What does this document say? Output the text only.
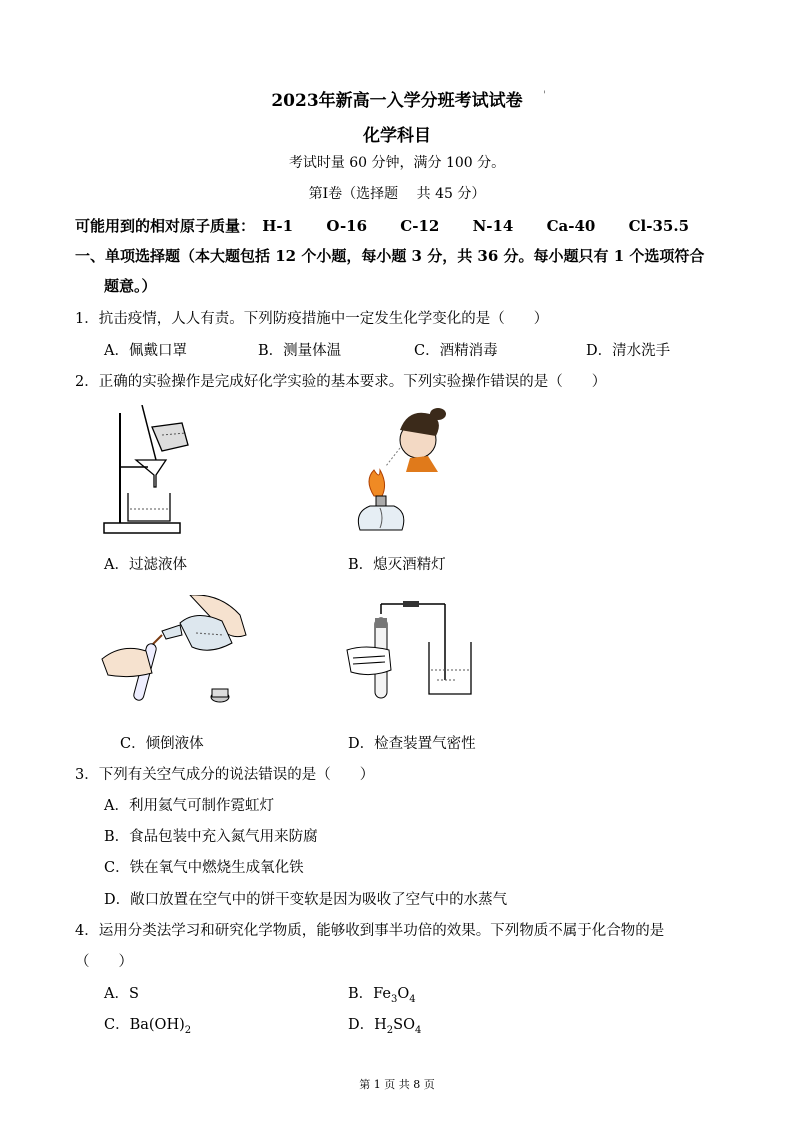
2023年新高一入学分班考试试卷	'
化学科目
考试时量 60 分钟，满分 100 分。
第Ⅰ卷（选择题　 共 45 分）
可能用到的相对原子质量： H-1 O-16 C-12 N-14 Ca-40 Cl-35.5
一、单项选择题（本大题包括 12 个小题，每小题 3 分，共 36 分。每小题只有 1 个选项符合
题意。）
1．抗击疫情，人人有责。下列防疫措施中一定发生化学变化的是（　　）
A．佩戴口罩	B．测量体温	C．酒精消毒	D．清水洗手
2．正确的实验操作是完成好化学实验的基本要求。下列实验操作错误的是（　　）
A．过滤液体	B．熄灭酒精灯
C．倾倒液体	D．检查装置气密性
3．下列有关空气成分的说法错误的是（　　）
A．利用氦气可制作霓虹灯
B．食品包装中充入氮气用来防腐
C．铁在氧气中燃烧生成氧化铁
D．敞口放置在空气中的饼干变软是因为吸收了空气中的水蒸气
4．运用分类法学习和研究化学物质，能够收到事半功倍的效果。下列物质不属于化合物的是
（　　）
A．S	B．$Fe_3O_4$
C．$Ba(OH)_2$	D．$H_2SO_4$
第 1 页 共 8 页
